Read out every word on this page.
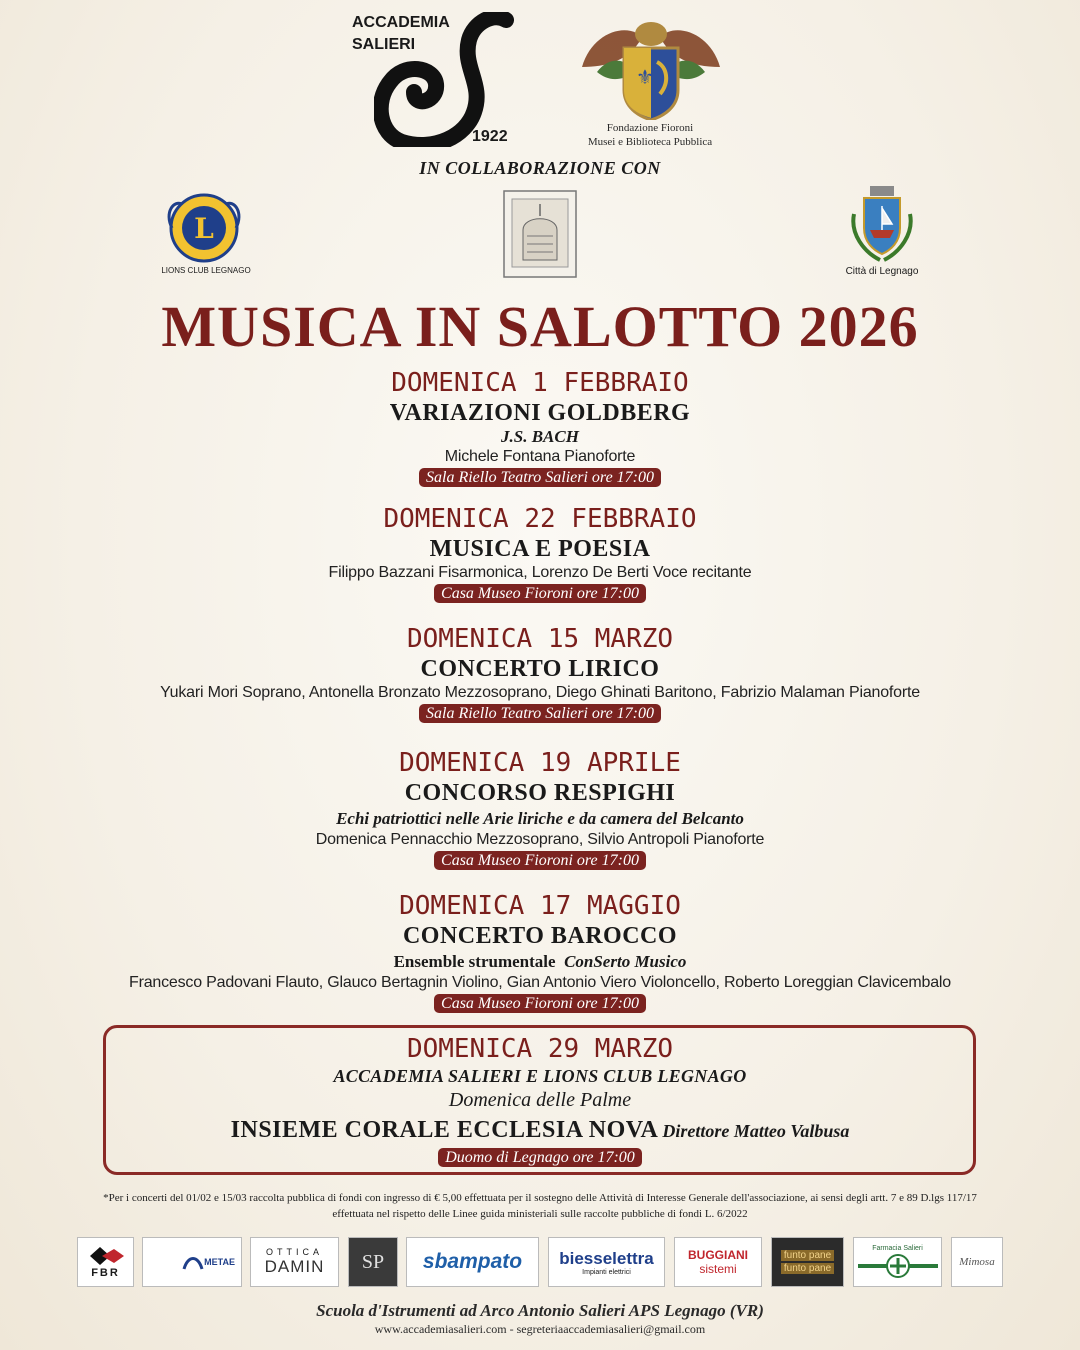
ACCADEMIA
SALIERI
1922
⚜
Fondazione Fioroni
Musei e Biblioteca Pubblica
IN COLLABORAZIONE CON
L
LIONS CLUB LEGNAGO	Città di Legnago
MUSICA IN SALOTTO 2026
DOMENICA 1 FEBBRAIO
VARIAZIONI GOLDBERG
J.S. BACH
Michele Fontana Pianoforte
Sala Riello Teatro Salieri ore 17:00
DOMENICA 22 FEBBRAIO
MUSICA E POESIA
Filippo Bazzani Fisarmonica, Lorenzo De Berti Voce recitante
Casa Museo Fioroni ore 17:00
DOMENICA 15 MARZO
CONCERTO LIRICO
Yukari Mori Soprano, Antonella Bronzato Mezzosoprano, Diego Ghinati Baritono, Fabrizio Malaman Pianoforte
Sala Riello Teatro Salieri ore 17:00
DOMENICA 19 APRILE
CONCORSO RESPIGHI
Echi patriottici nelle Arie liriche e da camera del Belcanto
Domenica Pennacchio Mezzosoprano, Silvio Antropoli Pianoforte
Casa Museo Fioroni ore 17:00
DOMENICA 17 MAGGIO
CONCERTO BAROCCO
Ensemble strumentale ConSerto Musico
Francesco Padovani Flauto, Glauco Bertagnin Violino, Gian Antonio Viero Violoncello, Roberto Loreggian Clavicembalo
Casa Museo Fioroni ore 17:00
DOMENICA 29 MARZO
ACCADEMIA SALIERI E LIONS CLUB LEGNAGO
Domenica delle Palme
INSIEME CORALE ECCLESIA NOVA Direttore Matteo Valbusa
Duomo di Legnago ore 17:00
*Per i concerti del 01/02 e 15/03 raccolta pubblica di fondi con ingresso di € 5,00 effettuata per il sostegno delle Attività di Interesse Generale dell'associazione, ai sensi degli artt. 7 e 89 D.lgs 117/17
effettuata nel rispetto delle Linee guida ministeriali sulle raccolte pubbliche di fondi L. 6/2022
FBR
METAE
OTTICA
DAMIN SP sbampato biesselettra
Impianti elettrici
BUGGIANI
sistemi
funto pane
funto pane
Farmacia Salieri
Mimosa
Scuola d'Istrumenti ad Arco Antonio Salieri APS Legnago (VR)
www.accademiasalieri.com - segreteriaaccademiasalieri@gmail.com
